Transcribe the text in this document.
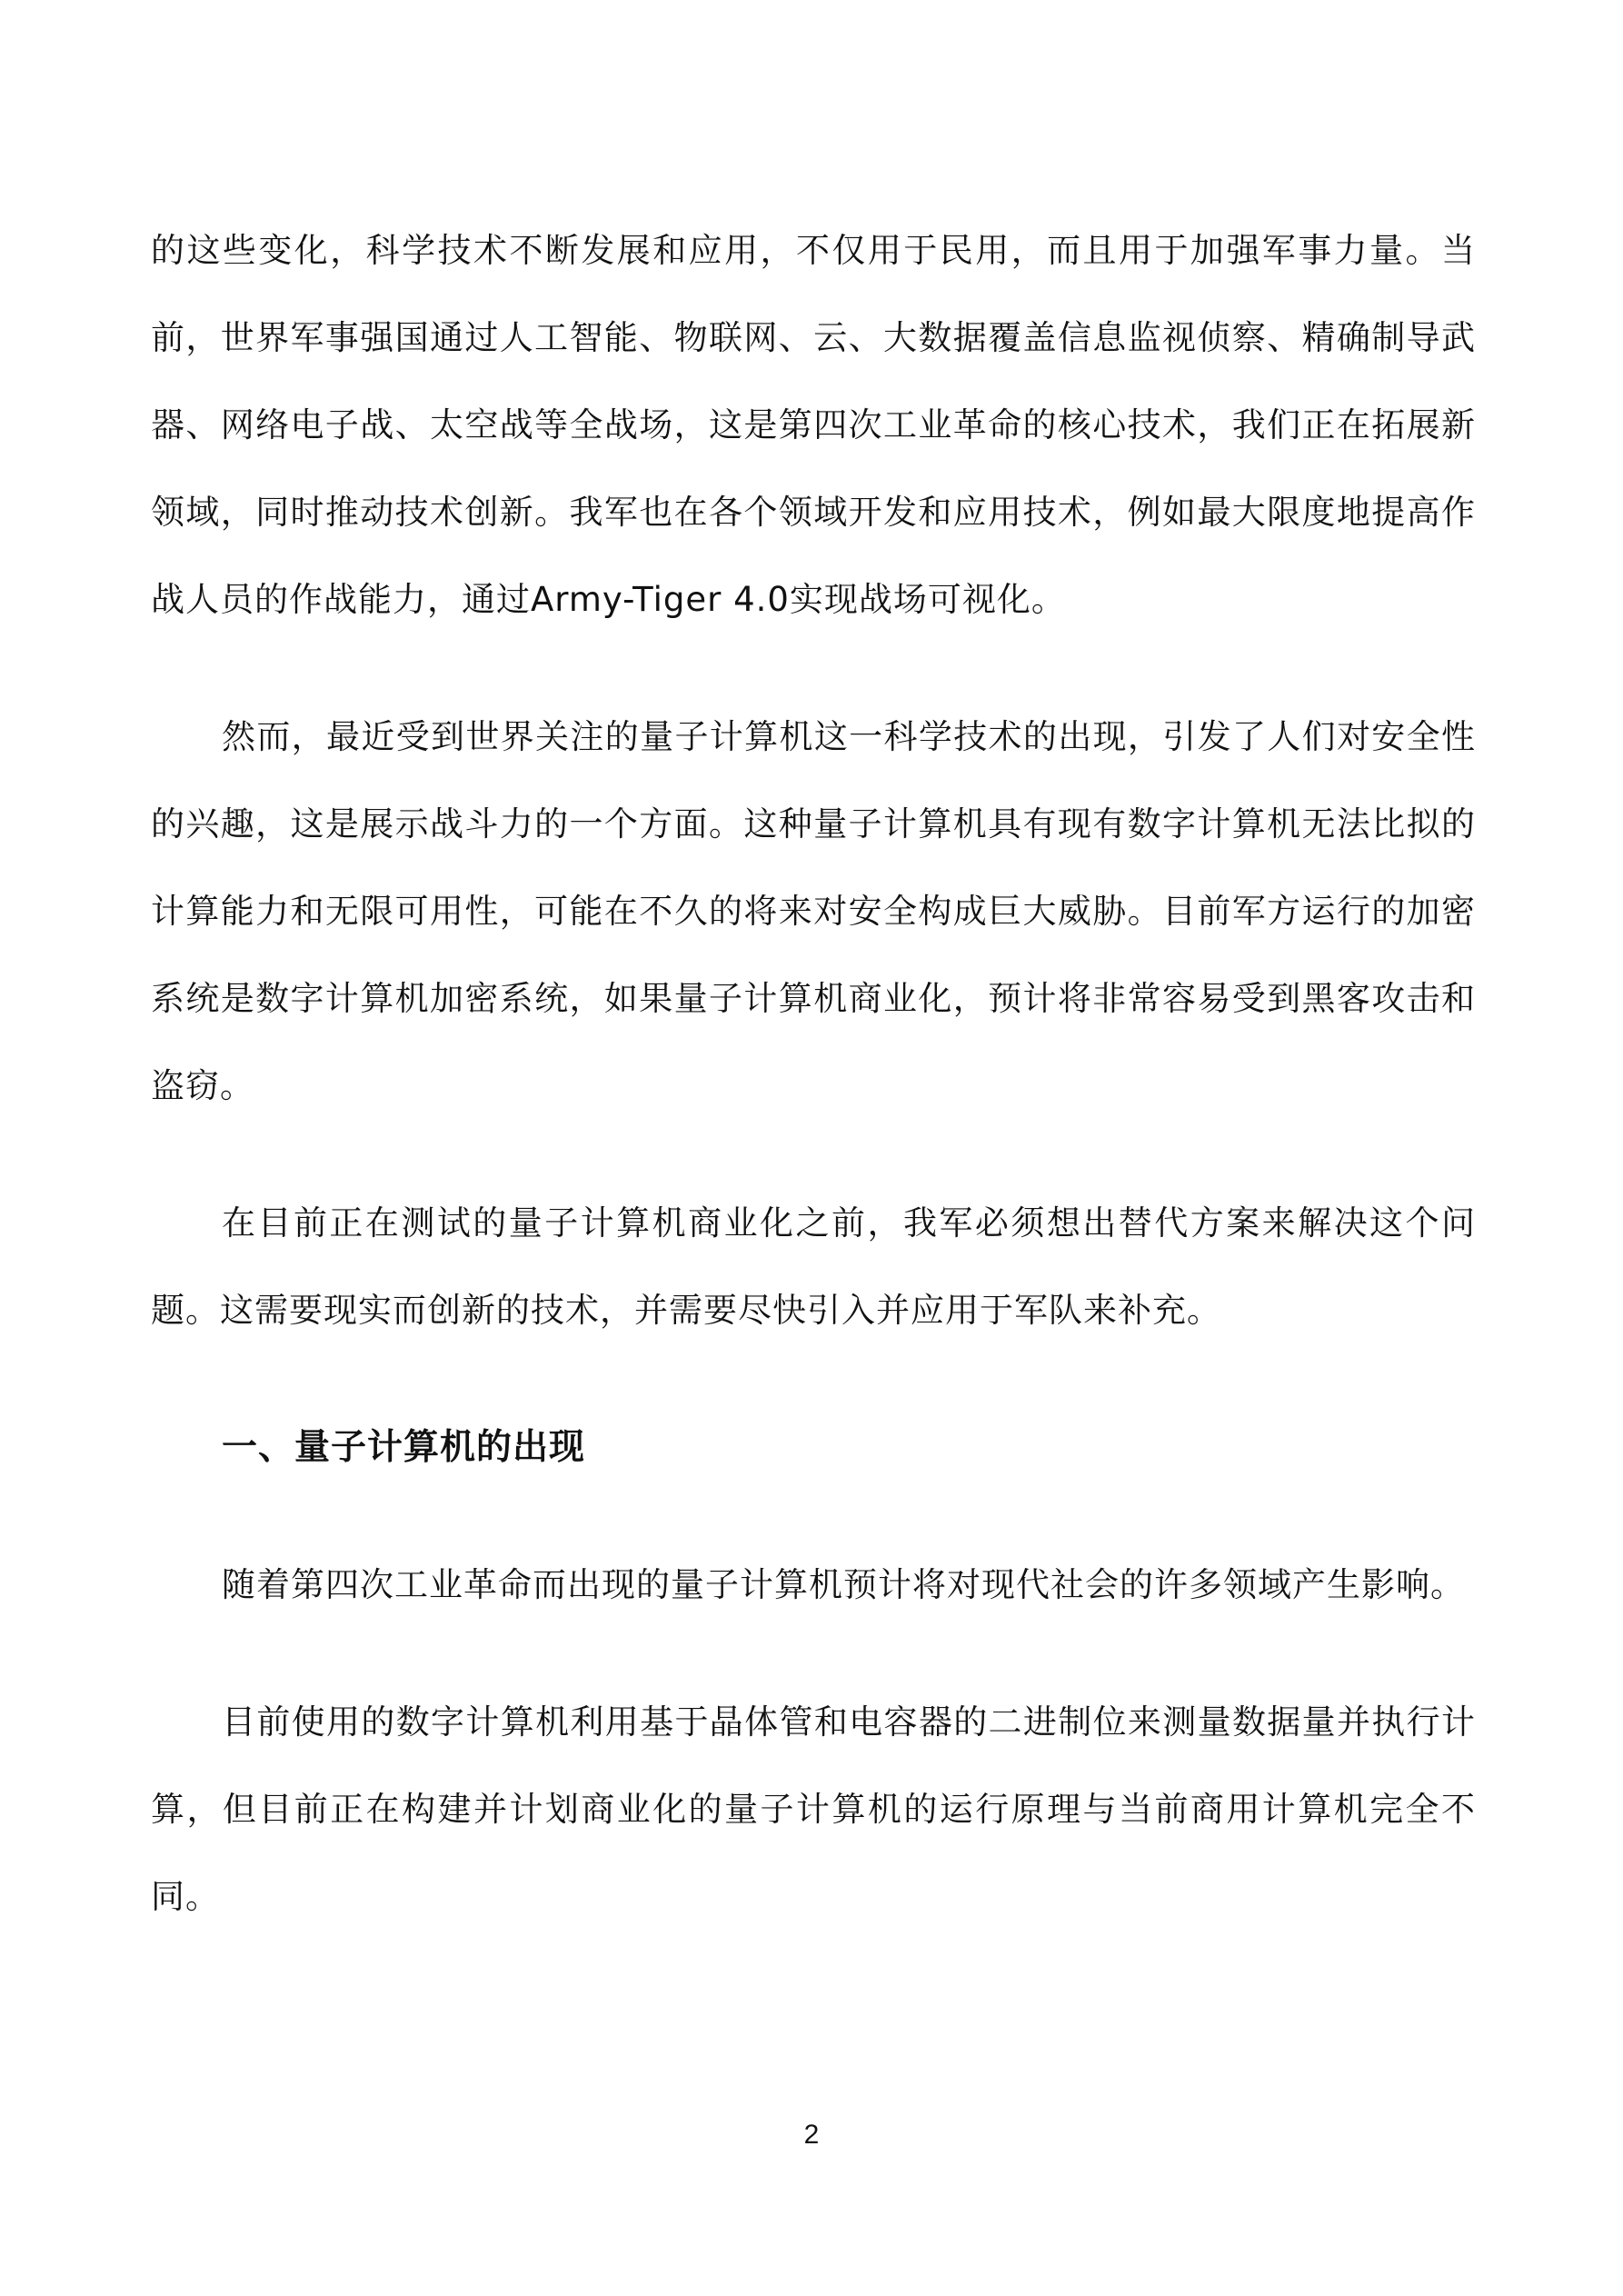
的这些变化，科学技术不断发展和应用，不仅用于民用，而且用于加强军事力量。当前，世界军事强国通过人工智能、物联网、云、大数据覆盖信息监视侦察、精确制导武器、网络电子战、太空战等全战场，这是第四次工业革命的核心技术，我们正在拓展新领域，同时推动技术创新。我军也在各个领域开发和应用技术，例如最大限度地提高作战人员的作战能力，通过Army-Tiger 4.0实现战场可视化。

然而，最近受到世界关注的量子计算机这一科学技术的出现，引发了人们对安全性的兴趣，这是展示战斗力的一个方面。这种量子计算机具有现有数字计算机无法比拟的计算能力和无限可用性，可能在不久的将来对安全构成巨大威胁。目前军方运行的加密系统是数字计算机加密系统，如果量子计算机商业化，预计将非常容易受到黑客攻击和盗窃。

在目前正在测试的量子计算机商业化之前，我军必须想出替代方案来解决这个问题。这需要现实而创新的技术，并需要尽快引入并应用于军队来补充。

一、量子计算机的出现

随着第四次工业革命而出现的量子计算机预计将对现代社会的许多领域产生影响。

目前使用的数字计算机利用基于晶体管和电容器的二进制位来测量数据量并执行计算，但目前正在构建并计划商业化的量子计算机的运行原理与当前商用计算机完全不同。

2
